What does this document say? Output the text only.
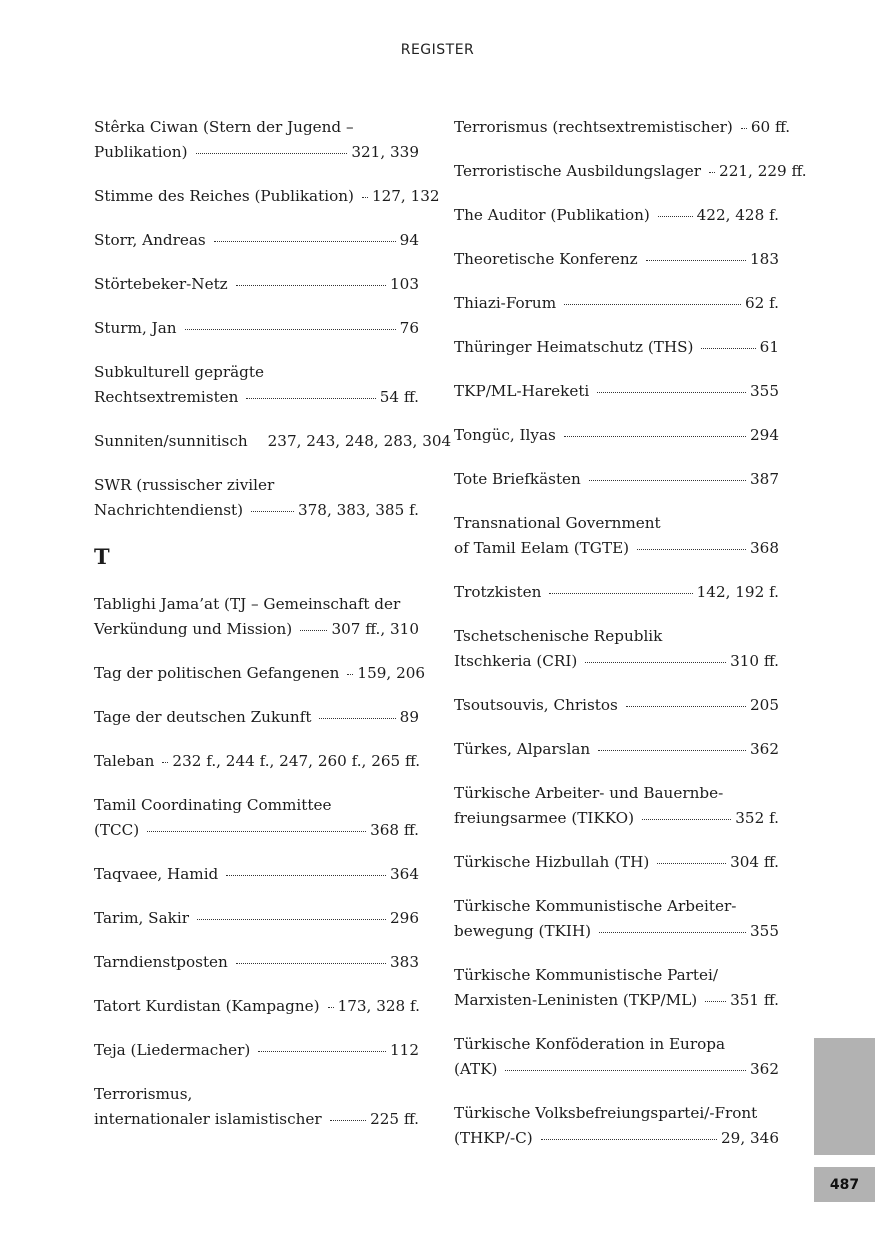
REGISTER
Stêrka Ciwan (Stern der Jugend –
Publikation)	321, 339
Stimme des Reiches (Publikation) 127, 132
Storr, Andreas	94
Störtebeker-Netz	103
Sturm, Jan	76
Subkulturell geprägte
Rechtsextremisten	54 ff.
Sunniten/sunnitisch 237, 243, 248, 283, 304
SWR (russischer ziviler
Nachrichtendienst)	378, 383, 385 f.
T
Tablighi Jama’at (TJ – Gemeinschaft der
Verkündung und Mission)	307 ff., 310
Tag der politischen Gefangenen 159, 206
Tage der deutschen Zukunft	89
Taleban 232 f., 244 f., 247, 260 f., 265 ff.
Tamil Coordinating Committee
(TCC)	368 ff.
Taqvaee, Hamid	364
Tarim, Sakir	296
Tarndienstposten	383
Tatort Kurdistan (Kampagne) 173, 328 f.
Teja (Liedermacher)	112
Terrorismus,
internationaler islamistischer	225 ff.
Terrorismus (rechtsextremistischer) 60 ff.
Terroristische Ausbildungslager 221, 229 ff.
The Auditor (Publikation)	422, 428 f.
Theoretische Konferenz	183
Thiazi-Forum	62 f.
Thüringer Heimatschutz (THS)	61
TKP/ML-Hareketi	355
Tongüc, Ilyas	294
Tote Briefkästen	387
Transnational Government
of Tamil Eelam (TGTE)	368
Trotzkisten	142, 192 f.
Tschetschenische Republik
Itschkeria (CRI)	310 ff.
Tsoutsouvis, Christos	205
Türkes, Alparslan	362
Türkische Arbeiter- und Bauernbe-
freiungsarmee (TIKKO)	352 f.
Türkische Hizbullah (TH)	304 ff.
Türkische Kommunistische Arbeiter-
bewegung (TKIH)	355
Türkische Kommunistische Partei/
Marxisten-Leninisten (TKP/ML) 351 ff.
Türkische Konföderation in Europa
(ATK)	362
Türkische Volksbefreiungspartei/-Front
(THKP/-C)	29, 346
487
